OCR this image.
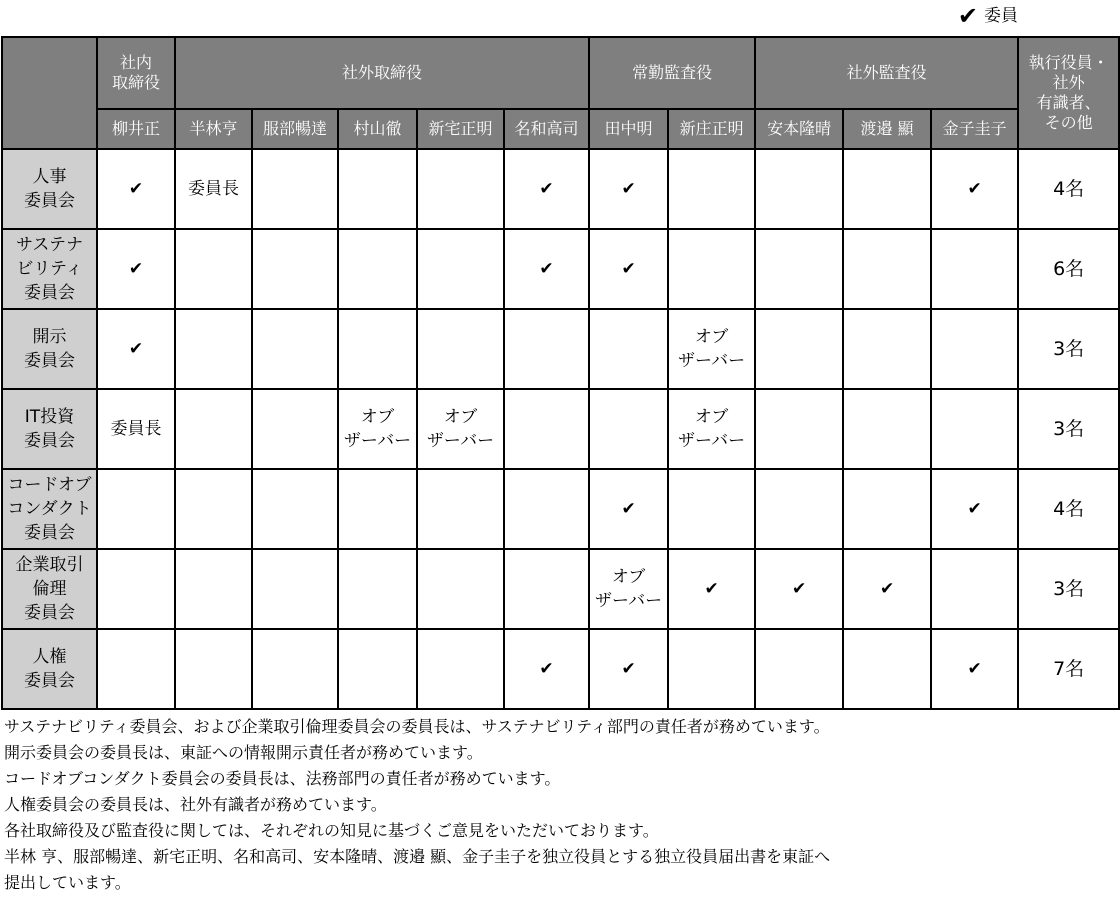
✔ 委員
	社内
取締役	社外取締役					常勤監査役		社外監査役			執行役員・
社外
有識者、
その他
	柳井正	半林亨	服部暢達	村山徹	新宅正明	名和高司	田中明	新庄正明	安本隆晴	渡邉 顯	金子圭子	
人事
委員会	✔	委員長				✔	✔				✔	4名
サステナ
ビリティ
委員会	✔					✔	✔					6名
開示
委員会	✔							オブ
ザーバー				3名
IT投資
委員会	委員長			オブ
ザーバー	オブ
ザーバー			オブ
ザーバー				3名
コードオブ
コンダクト
委員会							✔				✔	4名
企業取引
倫理
委員会							オブ
ザーバー	✔	✔	✔		3名
人権
委員会						✔	✔				✔	7名

サステナビリティ委員会、および企業取引倫理委員会の委員長は、サステナビリティ部門の責任者が務めています。

開示委員会の委員長は、東証への情報開示責任者が務めています。

コードオブコンダクト委員会の委員長は、法務部門の責任者が務めています。

人権委員会の委員長は、社外有識者が務めています。

各社取締役及び監査役に関しては、それぞれの知見に基づくご意見をいただいております。

半林 亨、服部暢達、新宅正明、名和高司、安本隆晴、渡邉 顯、金子圭子を独立役員とする独立役員届出書を東証へ

提出しています。
